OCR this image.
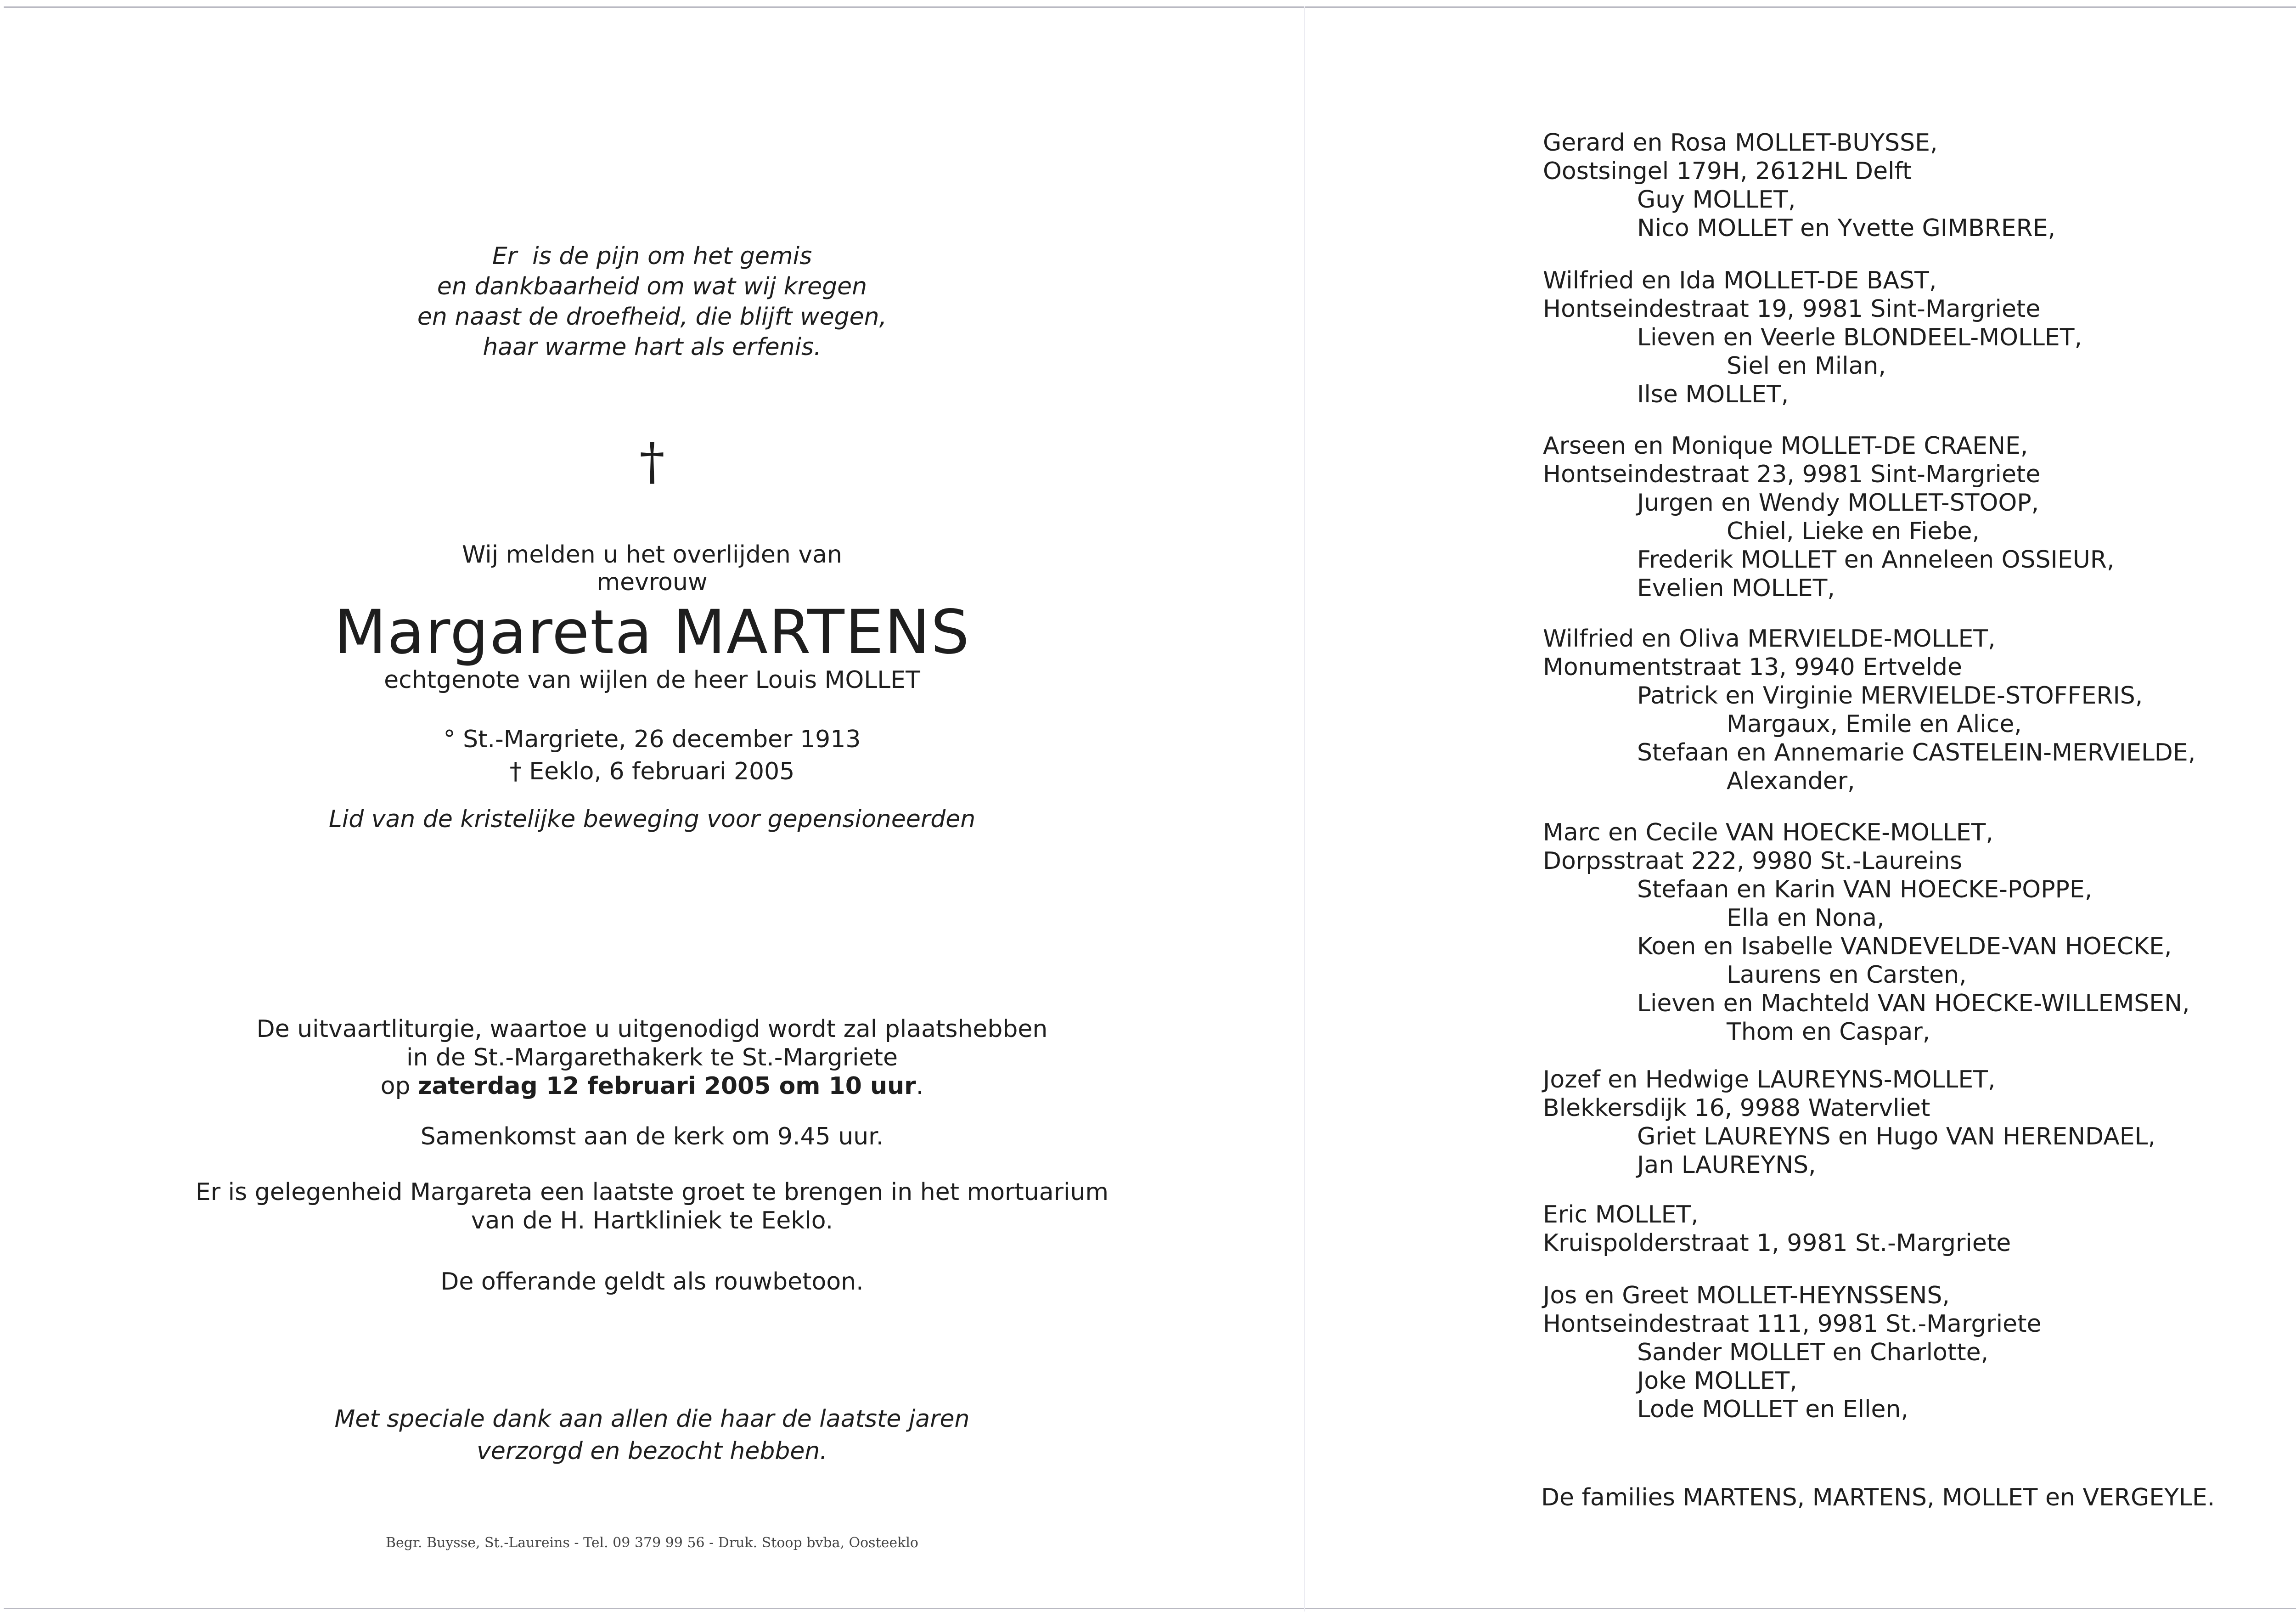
Er  is de pijn om het gemis
en dankbaarheid om wat wij kregen
en naast de droefheid, die blijft wegen,
haar warme hart als erfenis.
†
Wij melden u het overlijden van
mevrouw
Margareta MARTENS
echtgenote van wijlen de heer Louis MOLLET
° St.-Margriete, 26 december 1913
† Eeklo, 6 februari 2005
Lid van de kristelijke beweging voor gepensioneerden
De uitvaartliturgie, waartoe u uitgenodigd wordt zal plaatshebben
in de St.-Margarethakerk te St.-Margriete
op zaterdag 12 februari 2005 om 10 uur.
Samenkomst aan de kerk om 9.45 uur.
Er is gelegenheid Margareta een laatste groet te brengen in het mortuarium
van de H. Hartkliniek te Eeklo.
De offerande geldt als rouwbetoon.
Met speciale dank aan allen die haar de laatste jaren
verzorgd en bezocht hebben.
Begr. Buysse, St.-Laureins - Tel. 09 379 99 56 - Druk. Stoop bvba, Oosteeklo
Gerard en Rosa MOLLET-BUYSSE,
Oostsingel 179H, 2612HL Delft
Guy MOLLET,
Nico MOLLET en Yvette GIMBRERE,
Wilfried en Ida MOLLET-DE BAST,
Hontseindestraat 19, 9981 Sint-Margriete
Lieven en Veerle BLONDEEL-MOLLET,
Siel en Milan,
Ilse MOLLET,
Arseen en Monique MOLLET-DE CRAENE,
Hontseindestraat 23, 9981 Sint-Margriete
Jurgen en Wendy MOLLET-STOOP,
Chiel, Lieke en Fiebe,
Frederik MOLLET en Anneleen OSSIEUR,
Evelien MOLLET,
Wilfried en Oliva MERVIELDE-MOLLET,
Monumentstraat 13, 9940 Ertvelde
Patrick en Virginie MERVIELDE-STOFFERIS,
Margaux, Emile en Alice,
Stefaan en Annemarie CASTELEIN-MERVIELDE,
Alexander,
Marc en Cecile VAN HOECKE-MOLLET,
Dorpsstraat 222, 9980 St.-Laureins
Stefaan en Karin VAN HOECKE-POPPE,
Ella en Nona,
Koen en Isabelle VANDEVELDE-VAN HOECKE,
Laurens en Carsten,
Lieven en Machteld VAN HOECKE-WILLEMSEN,
Thom en Caspar,
Jozef en Hedwige LAUREYNS-MOLLET,
Blekkersdijk 16, 9988 Watervliet
Griet LAUREYNS en Hugo VAN HERENDAEL,
Jan LAUREYNS,
Eric MOLLET,
Kruispolderstraat 1, 9981 St.-Margriete
Jos en Greet MOLLET-HEYNSSENS,
Hontseindestraat 111, 9981 St.-Margriete
Sander MOLLET en Charlotte,
Joke MOLLET,
Lode MOLLET en Ellen,
De families MARTENS, MARTENS, MOLLET en VERGEYLE.
